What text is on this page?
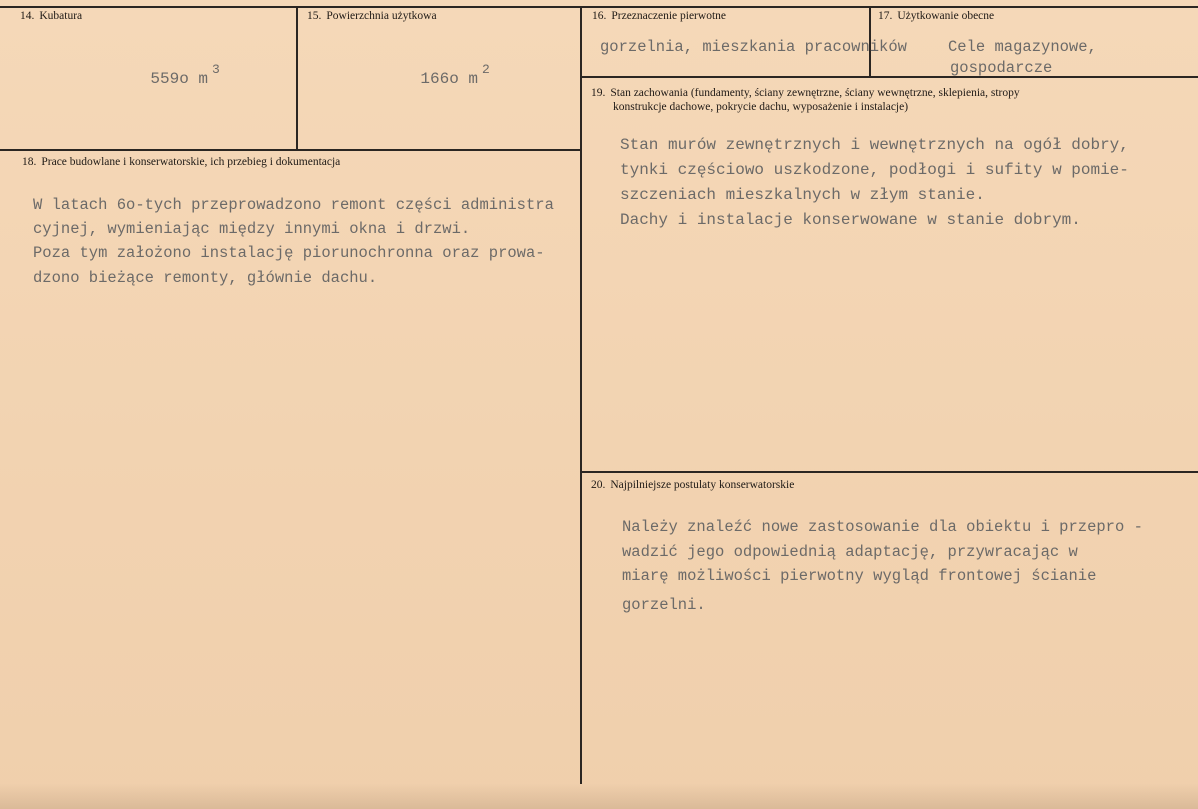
14. Kubatura

559o $m^3$

15. Powierzchnia użytkowa

166o $m^2$

16. Przeznaczenie pierwotne
gorzelnia, mieszkania pracowników
17. Użytkowanie obecne
Cele magazynowe,
gospodarcze
19. Stan zachowania (fundamenty, ściany zewnętrzne, ściany wewnętrzne, sklepienia, stropy
konstrukcje dachowe, pokrycie dachu, wyposażenie i instalacje)
Stan murów zewnętrznych i wewnętrznych na ogół dobry,
tynki częściowo uszkodzone, podłogi i sufity w pomie-
szczeniach mieszkalnych w złym stanie.
Dachy i instalacje konserwowane w stanie dobrym.
18. Prace budowlane i konserwatorskie, ich przebieg i dokumentacja
W latach 6o-tych przeprowadzono remont części administra
cyjnej, wymieniając między innymi okna i drzwi.
Poza tym założono instalację piorunochronna oraz prowa-
dzono bieżące remonty, głównie dachu.
20. Najpilniejsze postulaty konserwatorskie
Należy znaleźć nowe zastosowanie dla obiektu i przepro -
wadzić jego odpowiednią adaptację, przywracając w
miarę możliwości pierwotny wygląd frontowej ścianie
gorzelni.
